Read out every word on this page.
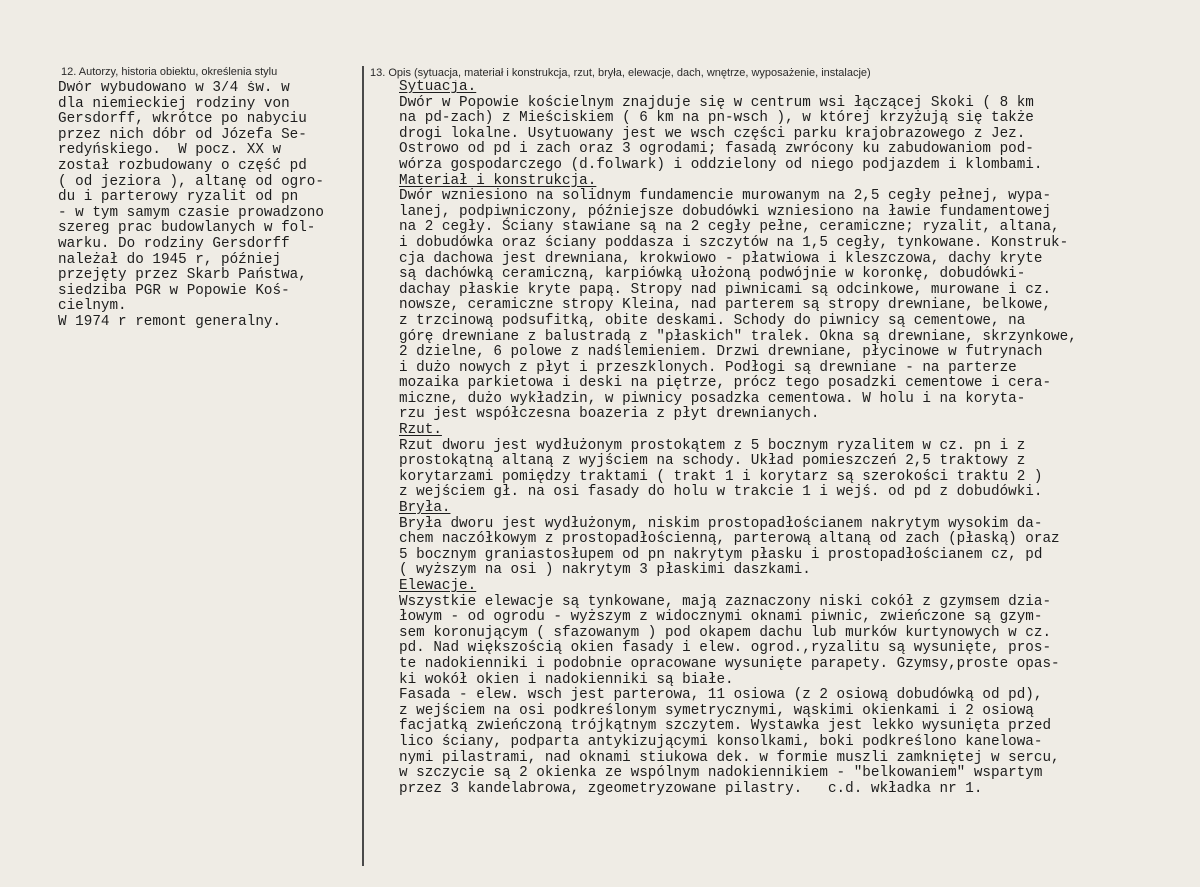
12. Autorzy, historia obiektu, określenia stylu	13. Opis (sytuacja, materiał i konstrukcja, rzut, bryła, elewacje, dach, wnętrze, wyposażenie, instalacje)
Dwór wybudowano w 3/4 św. w
dla niemieckiej rodziny von
Gersdorff, wkrótce po nabyciu
przez nich dóbr od Józefa Se-
redyńskiego.  W pocz. XX w
został rozbudowany o część pd
( od jeziora ), altanę od ogro-
du i parterowy ryzalit od pn
- w tym samym czasie prowadzono
szereg prac budowlanych w fol-
warku. Do rodziny Gersdorff
należał do 1945 r, później
przejęty przez Skarb Państwa,
siedziba PGR w Popowie Koś-
cielnym.
W 1974 r remont generalny.
Sytuacja.
Dwór w Popowie kościelnym znajduje się w centrum wsi łączącej Skoki ( 8 km
na pd-zach) z Mieściskiem ( 6 km na pn-wsch ), w której krzyżują się także
drogi lokalne. Usytuowany jest we wsch części parku krajobrazowego z Jez.
Ostrowo od pd i zach oraz 3 ogrodami; fasadą zwrócony ku zabudowaniom pod-
wórza gospodarczego (d.folwark) i oddzielony od niego podjazdem i klombami.
Materiał i konstrukcja.
Dwór wzniesiono na solidnym fundamencie murowanym na 2,5 cegły pełnej, wypa-
lanej, podpiwniczony, późniejsze dobudówki wzniesiono na ławie fundamentowej
na 2 cegły. Ściany stawiane są na 2 cegły pełne, ceramiczne; ryzalit, altana,
i dobudówka oraz ściany poddasza i szczytów na 1,5 cegły, tynkowane. Konstruk-
cja dachowa jest drewniana, krokwiowo - płatwiowa i kleszczowa, dachy kryte
są dachówką ceramiczną, karpiówką ułożoną podwójnie w koronkę, dobudówki-
dachay płaskie kryte papą. Stropy nad piwnicami są odcinkowe, murowane i cz.
nowsze, ceramiczne stropy Kleina, nad parterem są stropy drewniane, belkowe,
z trzcinową podsufitką, obite deskami. Schody do piwnicy są cementowe, na
górę drewniane z balustradą z "płaskich" tralek. Okna są drewniane, skrzynkowe,
2 dzielne, 6 polowe z nadślemieniem. Drzwi drewniane, płycinowe w futrynach
i dużo nowych z płyt i przeszklonych. Podłogi są drewniane - na parterze
mozaika parkietowa i deski na piętrze, prócz tego posadzki cementowe i cera-
miczne, dużo wykładzin, w piwnicy posadzka cementowa. W holu i na koryta-
rzu jest współczesna boazeria z płyt drewnianych.
Rzut.
Rzut dworu jest wydłużonym prostokątem z 5 bocznym ryzalitem w cz. pn i z
prostokątną altaną z wyjściem na schody. Układ pomieszczeń 2,5 traktowy z
korytarzami pomiędzy traktami ( trakt 1 i korytarz są szerokości traktu 2 )
z wejściem gł. na osi fasady do holu w trakcie 1 i wejś. od pd z dobudówki.
Bryła.
Bryła dworu jest wydłużonym, niskim prostopadłościanem nakrytym wysokim da-
chem naczółkowym z prostopadłościenną, parterową altaną od zach (płaską) oraz
5 bocznym graniastosłupem od pn nakrytym płasku i prostopadłościanem cz, pd
( wyższym na osi ) nakrytym 3 płaskimi daszkami.
Elewacje.
Wszystkie elewacje są tynkowane, mają zaznaczony niski cokół z gzymsem dzia-
łowym - od ogrodu - wyższym z widocznymi oknami piwnic, zwieńczone są gzym-
sem koronującym ( sfazowanym ) pod okapem dachu lub murków kurtynowych w cz.
pd. Nad większością okien fasady i elew. ogrod.,ryzalitu są wysunięte, pros-
te nadokienniki i podobnie opracowane wysunięte parapety. Gzymsy,proste opas-
ki wokół okien i nadokienniki są białe.
Fasada - elew. wsch jest parterowa, 11 osiowa (z 2 osiową dobudówką od pd),
z wejściem na osi podkreślonym symetrycznymi, wąskimi okienkami i 2 osiową
facjatką zwieńczoną trójkątnym szczytem. Wystawka jest lekko wysunięta przed
lico ściany, podparta antykizującymi konsolkami, boki podkreślono kanelowa-
nymi pilastrami, nad oknami stiukowa dek. w formie muszli zamkniętej w sercu,
w szczycie są 2 okienka ze wspólnym nadokiennikiem - "belkowaniem" wspartym
przez 3 kandelabrowa, zgeometryzowane pilastry.   c.d. wkładka nr 1.
